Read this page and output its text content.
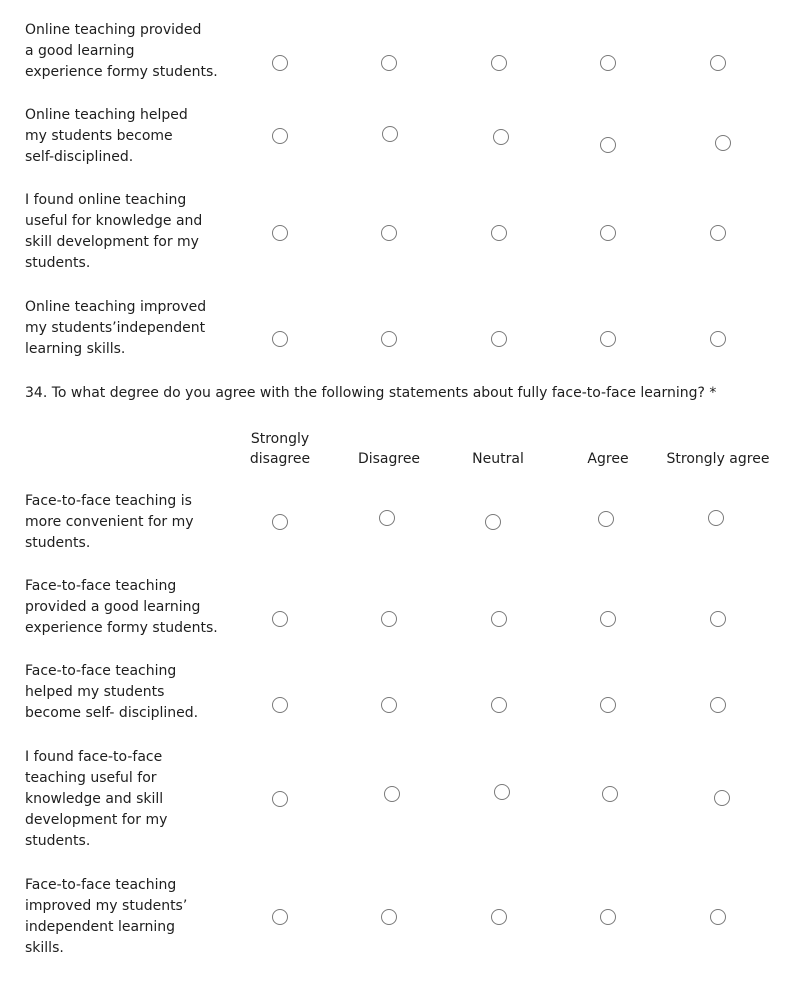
Online teaching provided
a good learning
experience formy students.
Online teaching helped
my students become
self-disciplined.
I found online teaching
useful for knowledge and
skill development for my
students.
Online teaching improved
my students’independent
learning skills.
34. To what degree do you agree with the following statements about fully face-to-face learning? *
Strongly
disagree	Disagree	Neutral	Agree	Strongly agree
Face-to-face teaching is
more convenient for my
students.
Face-to-face teaching
provided a good learning
experience formy students.
Face-to-face teaching
helped my students
become self- disciplined.
I found face-to-face
teaching useful for
knowledge and skill
development for my
students.
Face-to-face teaching
improved my students’
independent learning
skills.
